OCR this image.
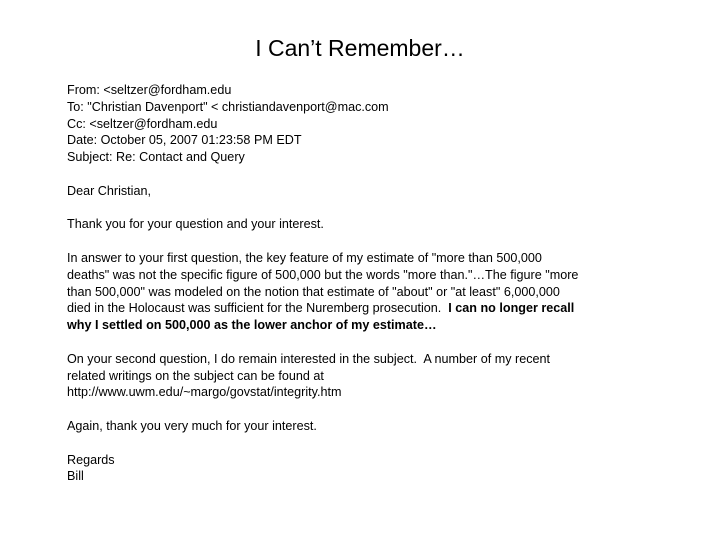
I Can’t Remember…
From: <seltzer@fordham.edu
To: "Christian Davenport" < christiandavenport@mac.com
Cc: <seltzer@fordham.edu
Date: October 05, 2007 01:23:58 PM EDT
Subject: Re: Contact and Query
Dear Christian,
Thank you for your question and your interest.
In answer to your first question, the key feature of my estimate of "more than 500,000
deaths" was not the specific figure of 500,000 but the words "more than."…The figure "more
than 500,000" was modeled on the notion that estimate of "about" or "at least" 6,000,000
died in the Holocaust was sufficient for the Nuremberg prosecution. I can no longer recall
why I settled on 500,000 as the lower anchor of my estimate…
On your second question, I do remain interested in the subject.  A number of my recent
related writings on the subject can be found at
http://www.uwm.edu/~margo/govstat/integrity.htm
Again, thank you very much for your interest.
Regards
Bill
